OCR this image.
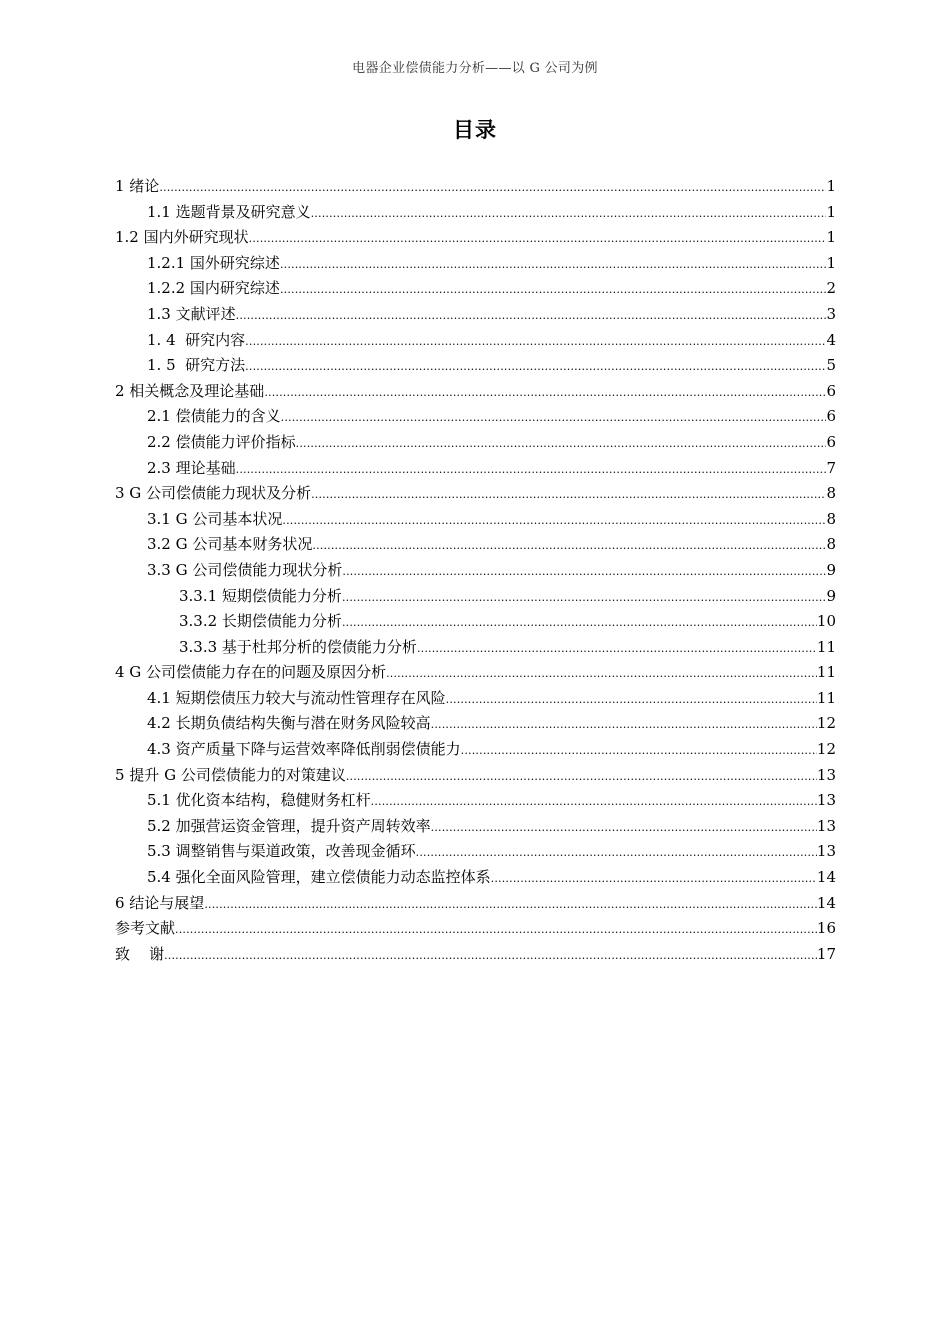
电器企业偿债能力分析——以 G 公司为例
目录
1 绪论 .....	1
1.1 选题背景及研究意义 .....	1
1.2 国内外研究现状 .....	1
1.2.1 国外研究综述 .....	1
1.2.2 国内研究综述 .....	2
1.3 文献评述 .....	3
1. 4  研究内容 .....	4
1. 5  研究方法 .....	5
2 相关概念及理论基础 .....	6
2.1 偿债能力的含义 .....	6
2.2 偿债能力评价指标 .....	6
2.3 理论基础 .....	7
3 G 公司偿债能力现状及分析 .....	8
3.1 G 公司基本状况 .....	8
3.2 G 公司基本财务状况 .....	8
3.3 G 公司偿债能力现状分析 .....	9
3.3.1 短期偿债能力分析 .....	9
3.3.2 长期偿债能力分析 .....	10
3.3.3 基于杜邦分析的偿债能力分析 .....	11
4 G 公司偿债能力存在的问题及原因分析 .....	11
4.1 短期偿债压力较大与流动性管理存在风险 .....	11
4.2 长期负债结构失衡与潜在财务风险较高 .....	12
4.3 资产质量下降与运营效率降低削弱偿债能力 .....	12
5 提升 G 公司偿债能力的对策建议 .....	13
5.1 优化资本结构，稳健财务杠杆 .....	13
5.2 加强营运资金管理，提升资产周转效率 .....	13
5.3 调整销售与渠道政策，改善现金循环 .....	13
5.4 强化全面风险管理，建立偿债能力动态监控体系 .....	14
6 结论与展望 .....	14
参考文献 .....	16
致    谢 .....	17
